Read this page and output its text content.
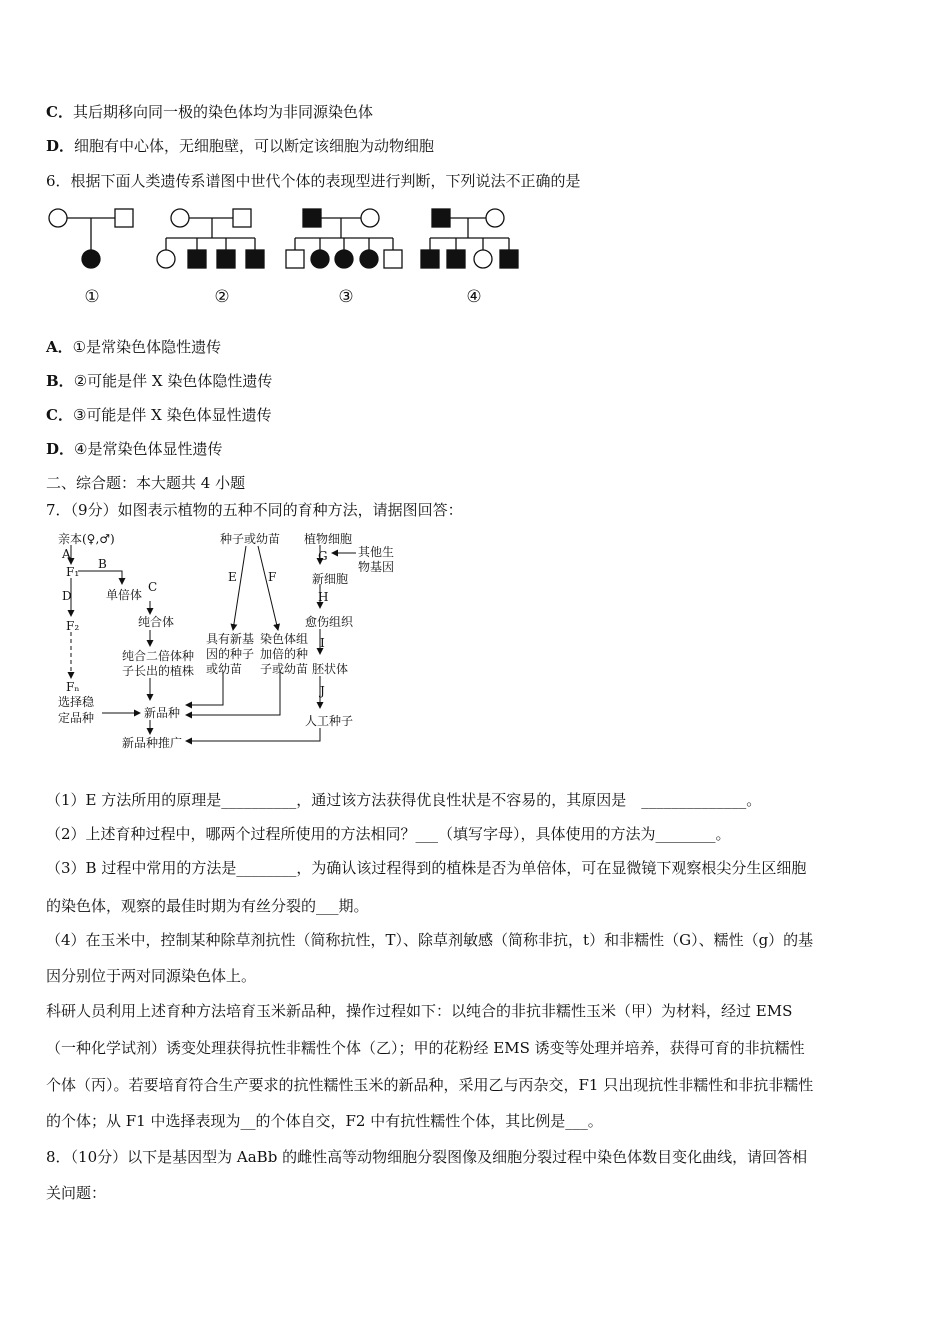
C．其后期移向同一极的染色体均为非同源染色体
D．细胞有中心体，无细胞壁，可以断定该细胞为动物细胞
6．根据下面人类遗传系谱图中世代个体的表现型进行判断，下列说法不正确的是
①	②	③	④
A．①是常染色体隐性遗传
B．②可能是伴 X 染色体隐性遗传
C．③可能是伴 X 染色体显性遗传
D．④是常染色体显性遗传
二、综合题：本大题共 4 小题
7．（9分）如图表示植物的五种不同的育种方法，请据图回答：
亲本(♀,♂)
A
F₁
B
D
F₂
Fₙ
选择稳
定品种
单倍体
C
纯合体
纯合二倍体种
子长出的植株
新品种
新品种推广
种子或幼苗
E	F
具有新基
因的种子
或幼苗
染色体组
加倍的种
子或幼苗
植物细胞
G	其他生
物基因
新细胞
H
愈伤组织
I
胚状体
J
人工种子
（1）E 方法所用的原理是__________，通过该方法获得优良性状是不容易的，其原因是　______________。
（2）上述育种过程中，哪两个过程所使用的方法相同？___（填写字母），具体使用的方法为________。
（3）B 过程中常用的方法是________，为确认该过程得到的植株是否为单倍体，可在显微镜下观察根尖分生区细胞
的染色体，观察的最佳时期为有丝分裂的___期。
（4）在玉米中，控制某种除草剂抗性（简称抗性，T）、除草剂敏感（简称非抗，t）和非糯性（G）、糯性（g）的基
因分别位于两对同源染色体上。
科研人员利用上述育种方法培育玉米新品种，操作过程如下：以纯合的非抗非糯性玉米（甲）为材料，经过 EMS
（一种化学试剂）诱变处理获得抗性非糯性个体（乙）；甲的花粉经 EMS 诱变等处理并培养，获得可育的非抗糯性
个体（丙）。若要培育符合生产要求的抗性糯性玉米的新品种，采用乙与丙杂交，F1 只出现抗性非糯性和非抗非糯性
的个体；从 F1 中选择表现为__的个体自交，F2 中有抗性糯性个体，其比例是___。
8．（10分）以下是基因型为 AaBb 的雌性高等动物细胞分裂图像及细胞分裂过程中染色体数目变化曲线，请回答相
关问题：
